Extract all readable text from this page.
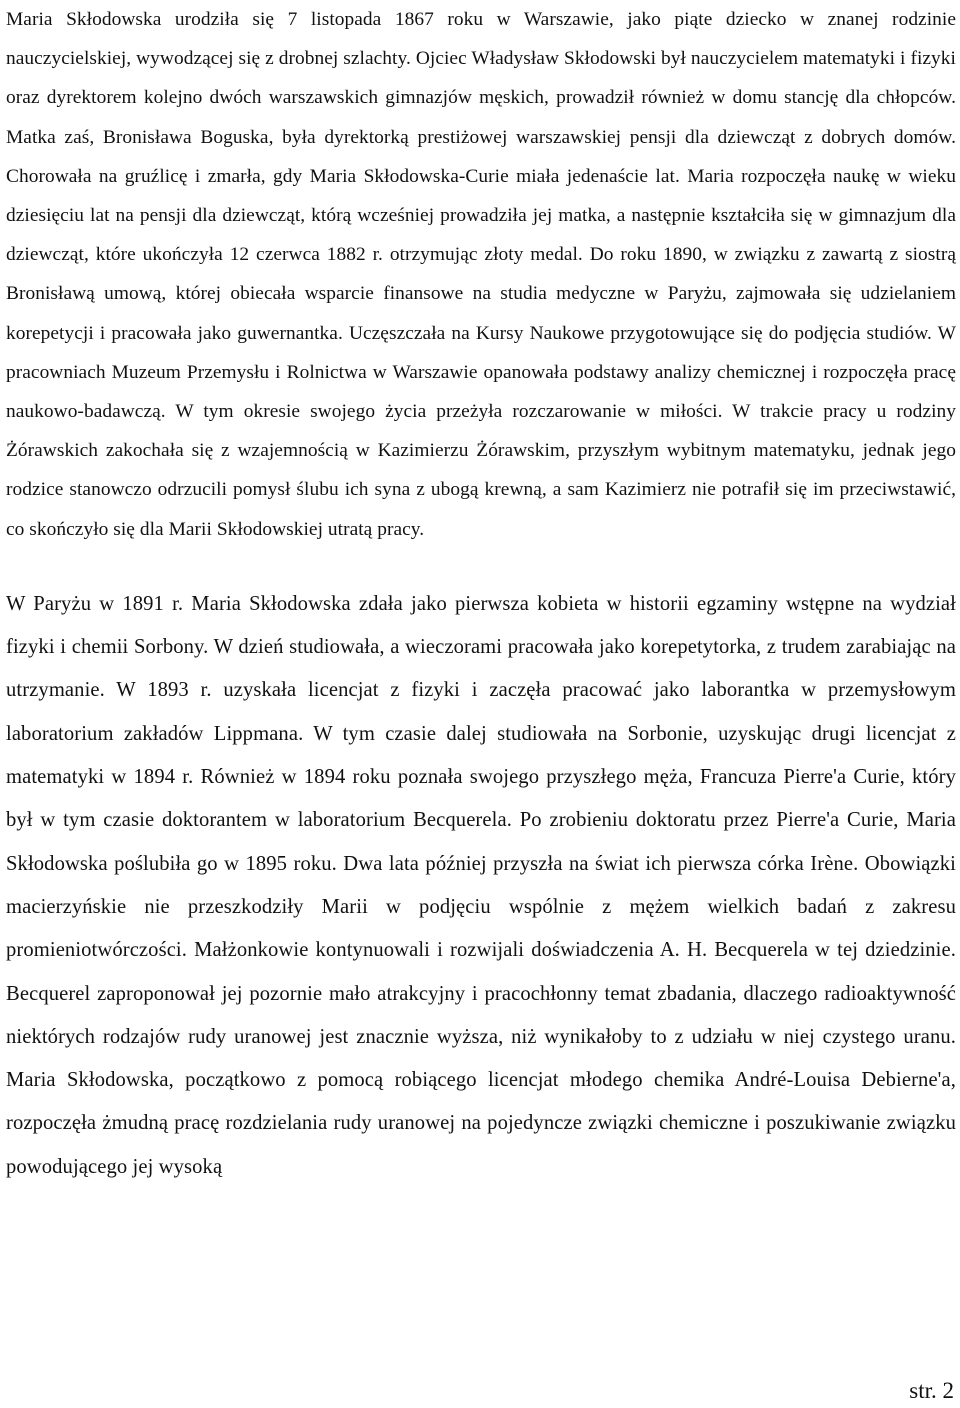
Maria Skłodowska urodziła się 7 listopada 1867 roku w Warszawie, jako piąte dziecko w znanej rodzinie nauczycielskiej, wywodzącej się z drobnej szlachty. Ojciec Władysław Skłodowski był nauczycielem matematyki i fizyki oraz dyrektorem kolejno dwóch warszawskich gimnazjów męskich, prowadził również w domu stancję dla chłopców. Matka zaś, Bronisława Boguska, była dyrektorką prestiżowej warszawskiej pensji dla dziewcząt z dobrych domów. Chorowała na gruźlicę i zmarła, gdy Maria Skłodowska-Curie miała jedenaście lat. Maria rozpoczęła naukę w wieku dziesięciu lat na pensji dla dziewcząt, którą wcześniej prowadziła jej matka, a następnie kształciła się w gimnazjum dla dziewcząt, które ukończyła 12 czerwca 1882 r. otrzymując złoty medal. Do roku 1890, w związku z zawartą z siostrą Bronisławą umową, której obiecała wsparcie finansowe na studia medyczne w Paryżu, zajmowała się udzielaniem korepetycji i pracowała jako guwernantka. Uczęszczała na Kursy Naukowe przygotowujące się do podjęcia studiów. W pracowniach Muzeum Przemysłu i Rolnictwa w Warszawie opanowała podstawy analizy chemicznej i rozpoczęła pracę naukowo-badawczą. W tym okresie swojego życia przeżyła rozczarowanie w miłości. W trakcie pracy u rodziny Żórawskich zakochała się z wzajemnością w Kazimierzu Żórawskim, przyszłym wybitnym matematyku, jednak jego rodzice stanowczo odrzucili pomysł ślubu ich syna z ubogą krewną, a sam Kazimierz nie potrafił się im przeciwstawić, co skończyło się dla Marii Skłodowskiej utratą pracy.

W Paryżu w 1891 r. Maria Skłodowska zdała jako pierwsza kobieta w historii egzaminy wstępne na wydział fizyki i chemii Sorbony. W dzień studiowała, a wieczorami pracowała jako korepetytorka, z trudem zarabiając na utrzymanie. W 1893 r. uzyskała licencjat z fizyki i zaczęła pracować jako laborantka w przemysłowym laboratorium zakładów Lippmana. W tym czasie dalej studiowała na Sorbonie, uzyskując drugi licencjat z matematyki w 1894 r. Również w 1894 roku poznała swojego przyszłego męża, Francuza Pierre'a Curie, który był w tym czasie doktorantem w laboratorium Becquerela. Po zrobieniu doktoratu przez Pierre'a Curie, Maria Skłodowska poślubiła go w 1895 roku. Dwa lata później przyszła na świat ich pierwsza córka Irène. Obowiązki macierzyńskie nie przeszkodziły Marii w podjęciu wspólnie z mężem wielkich badań z zakresu promieniotwórczości. Małżonkowie kontynuowali i rozwijali doświadczenia A. H. Becquerela w tej dziedzinie. Becquerel zaproponował jej pozornie mało atrakcyjny i pracochłonny temat zbadania, dlaczego radioaktywność niektórych rodzajów rudy uranowej jest znacznie wyższa, niż wynikałoby to z udziału w niej czystego uranu. Maria Skłodowska, początkowo z pomocą robiącego licencjat młodego chemika André-Louisa Debierne'a, rozpoczęła żmudną pracę rozdzielania rudy uranowej na pojedyncze związki chemiczne i poszukiwanie związku powodującego jej wysoką

str. 2
